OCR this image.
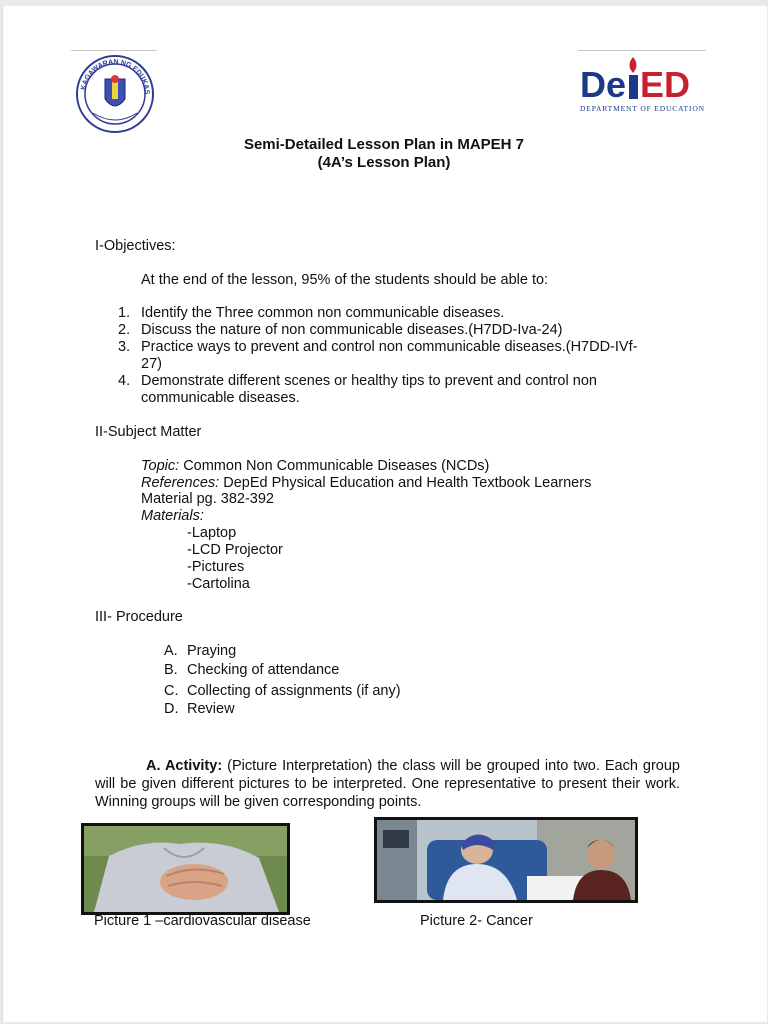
KAGAWARAN NG EDUKAS	De ED
DEPARTMENT OF EDUCATION
Semi-Detailed Lesson Plan in MAPEH 7
(4A’s Lesson Plan)
I-Objectives:
At the end of the lesson, 95% of the students should be able to:
1. Identify the Three common non communicable diseases.
2. Discuss the nature of non communicable diseases.(H7DD-Iva-24)
3. Practice ways to prevent and control non communicable diseases.(H7DD-IVf-
27)
4. Demonstrate different scenes or healthy tips to prevent and control non
communicable diseases.
II-Subject Matter
Topic: Common Non Communicable Diseases (NCDs)
References: DepEd Physical Education and Health Textbook Learners
Material pg. 382-392
Materials:
-Laptop
-LCD Projector
-Pictures
-Cartolina
III- Procedure
A. Praying
B. Checking of attendance
C. Collecting of assignments (if any)
D. Review
A. Activity: (Picture Interpretation) the class will be grouped into two. Each group will be given different pictures to be interpreted. One representative to present their work. Winning groups will be given corresponding points.
Picture 1 –cardiovascular disease	Picture 2- Cancer
